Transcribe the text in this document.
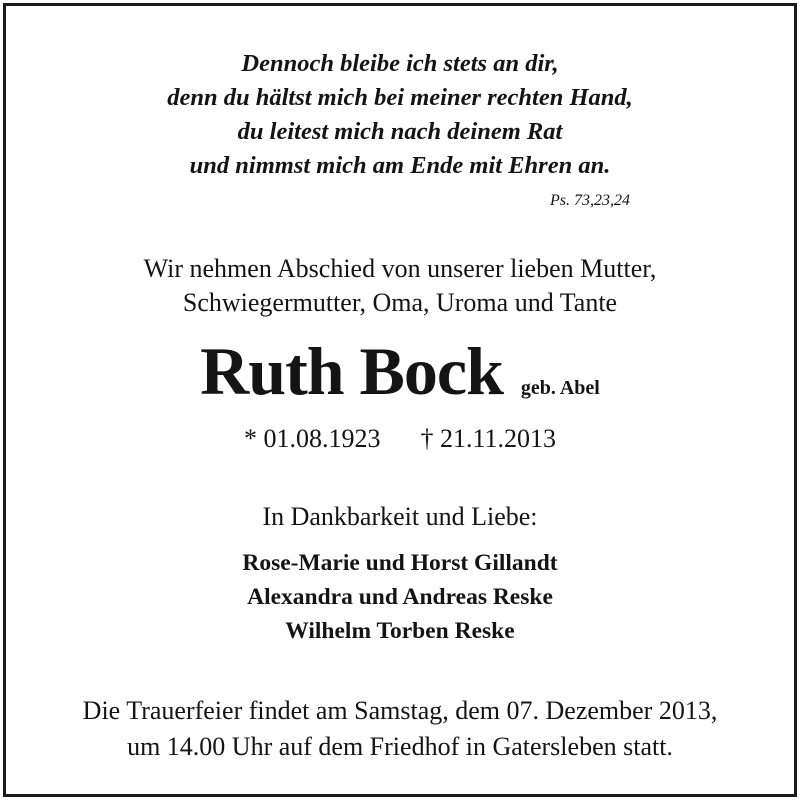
Dennoch bleibe ich stets an dir,
denn du hältst mich bei meiner rechten Hand,
du leitest mich nach deinem Rat
und nimmst mich am Ende mit Ehren an.
Ps. 73,23,24
Wir nehmen Abschied von unserer lieben Mutter,
Schwiegermutter, Oma, Uroma und Tante
Ruth Bock geb. Abel
* 01.08.1923 † 21.11.2013
In Dankbarkeit und Liebe:
Rose-Marie und Horst Gillandt
Alexandra und Andreas Reske
Wilhelm Torben Reske
Die Trauerfeier findet am Samstag, dem 07. Dezember 2013,
um 14.00 Uhr auf dem Friedhof in Gatersleben statt.
